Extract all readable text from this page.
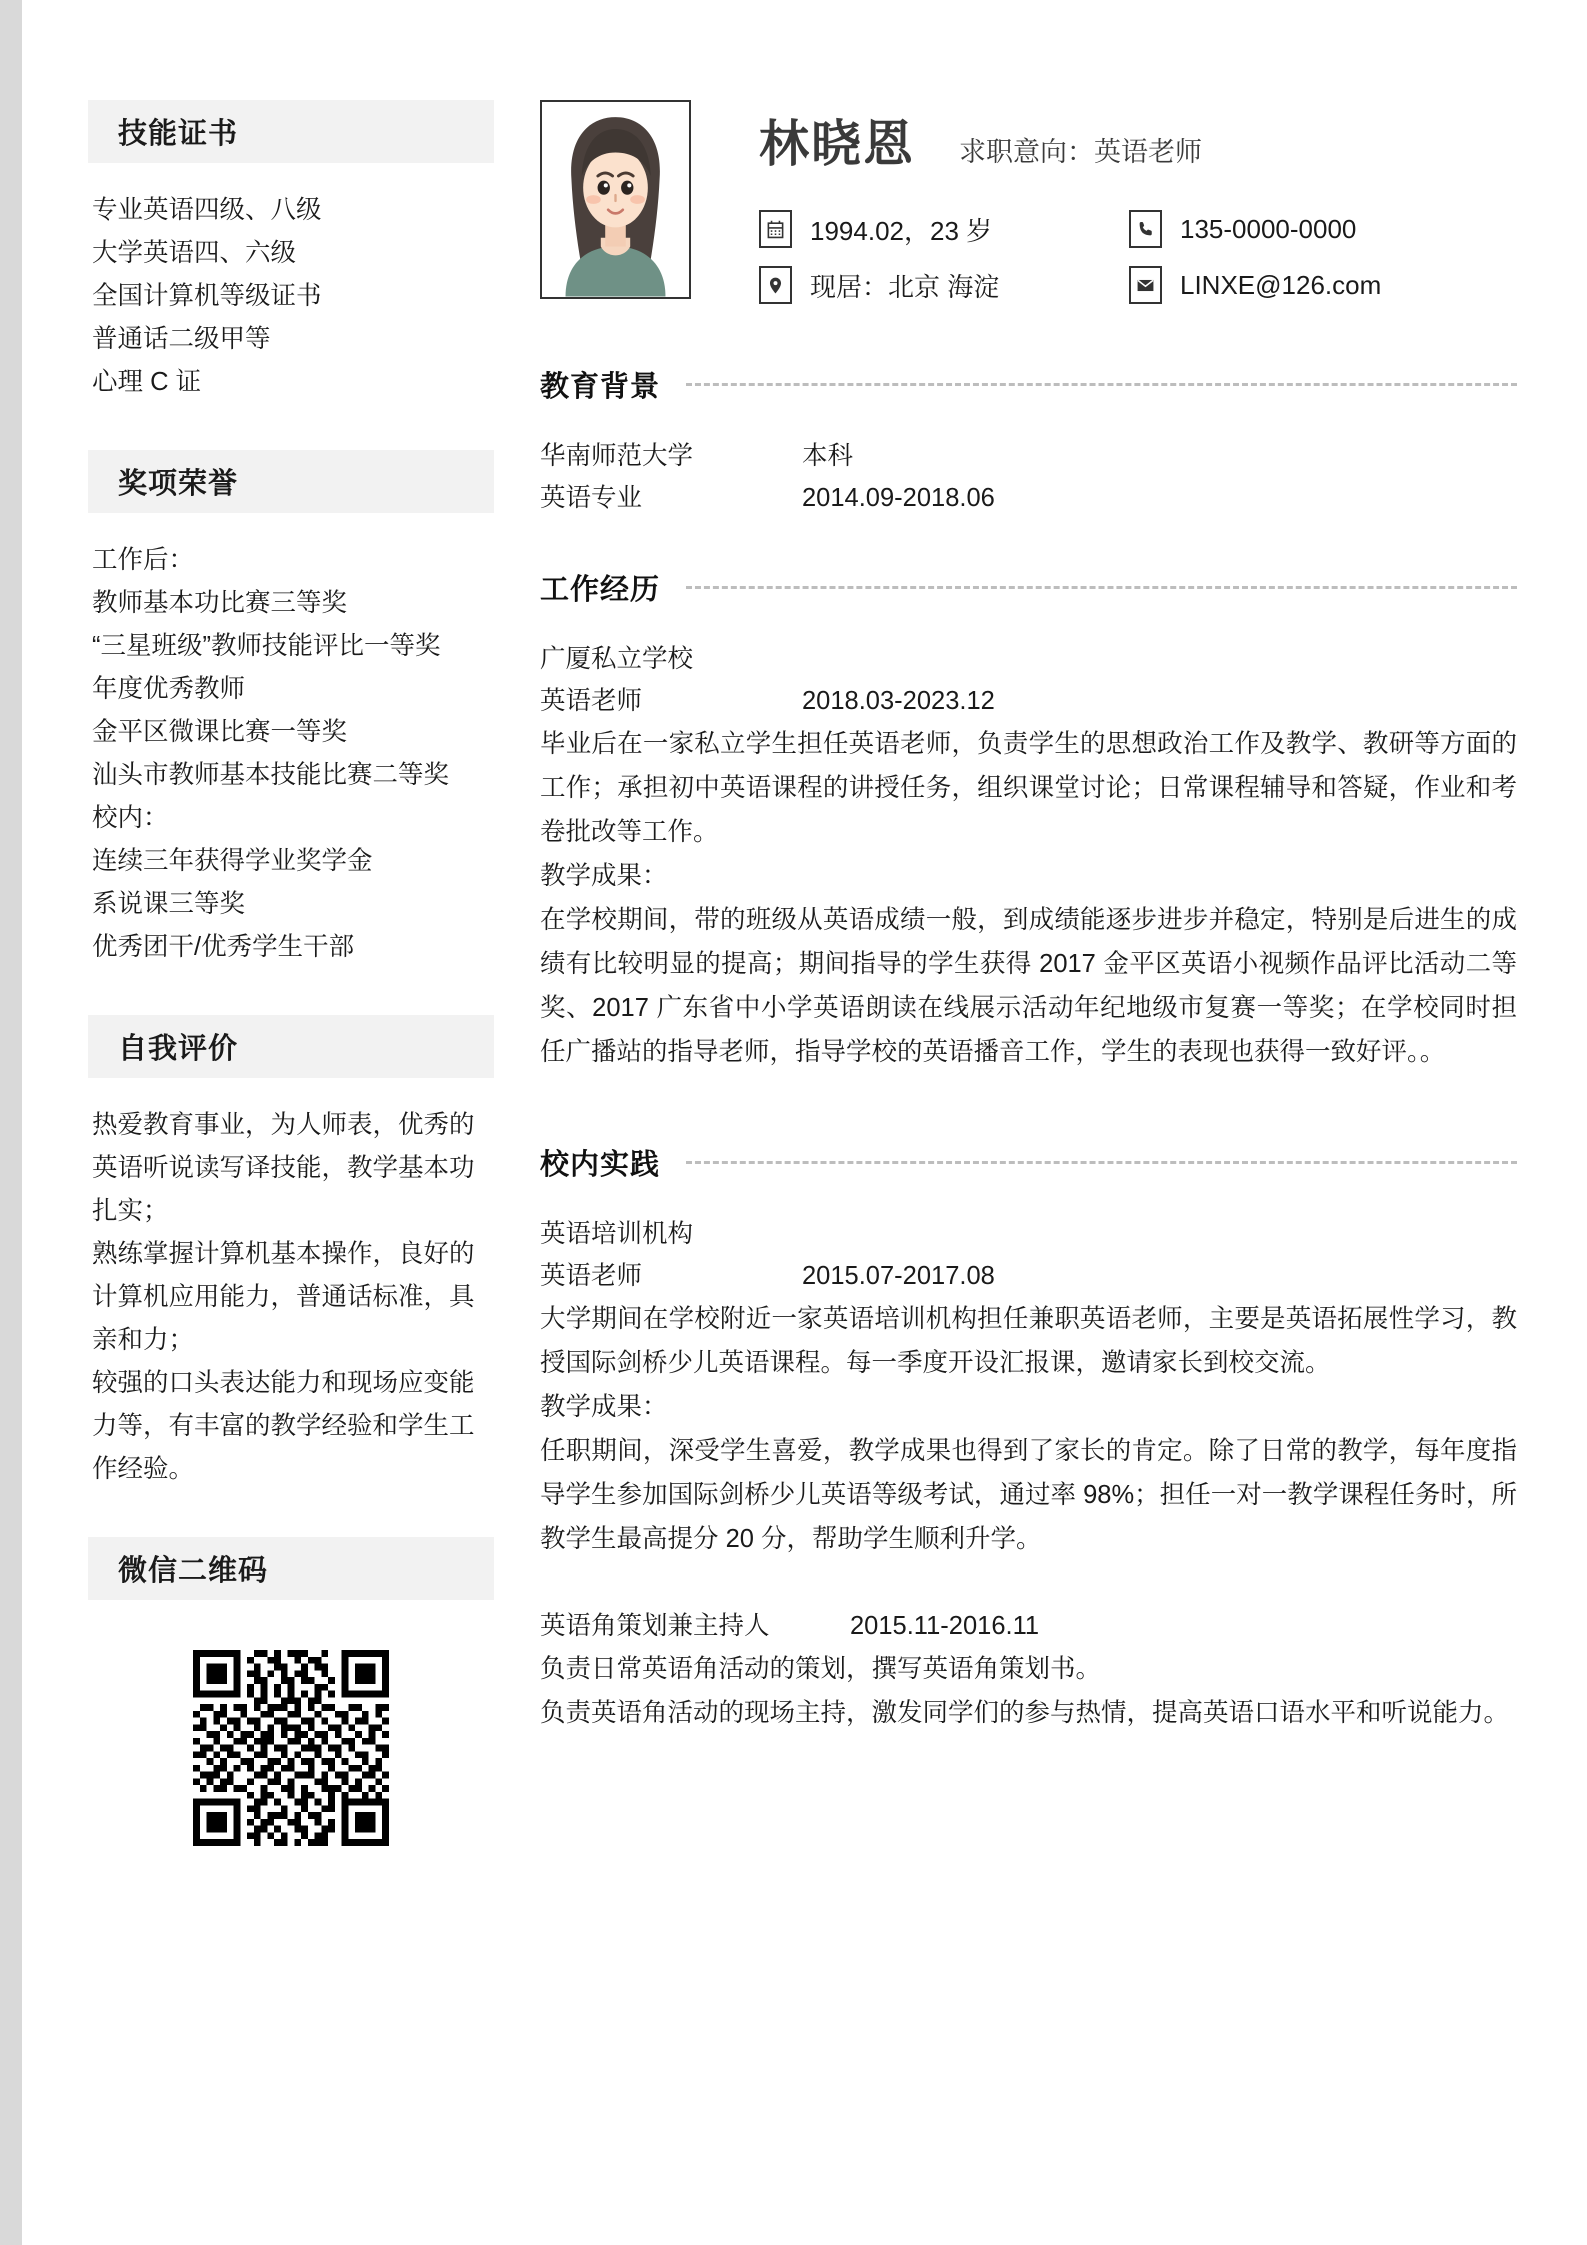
技能证书
专业英语四级、八级
大学英语四、六级
全国计算机等级证书
普通话二级甲等
心理 C 证
奖项荣誉
工作后：
教师基本功比赛三等奖
“三星班级”教师技能评比一等奖
年度优秀教师
金平区微课比赛一等奖
汕头市教师基本技能比赛二等奖
校内：
连续三年获得学业奖学金
系说课三等奖
优秀团干/优秀学生干部
自我评价

热爱教育事业，为人师表，优秀的英语听说读写译技能，教学基本功扎实；

熟练掌握计算机基本操作，良好的计算机应用能力，普通话标准，具亲和力；

较强的口头表达能力和现场应变能力等，有丰富的教学经验和学生工作经验。

微信二维码
林晓恩 求职意向：英语老师
1994.02，23 岁	135-0000-0000
现居：北京 海淀	LINXE@126.com
教育背景
华南师范大学	本科
英语专业	2014.09-2018.06
工作经历
广厦私立学校
英语老师	2018.03-2023.12

毕业后在一家私立学生担任英语老师，负责学生的思想政治工作及教学、教研等方面的工作；承担初中英语课程的讲授任务，组织课堂讨论；日常课程辅导和答疑，作业和考卷批改等工作。

教学成果：

在学校期间，带的班级从英语成绩一般，到成绩能逐步进步并稳定，特别是后进生的成绩有比较明显的提高；期间指导的学生获得 2017 金平区英语小视频作品评比活动二等奖、2017 广东省中小学英语朗读在线展示活动年纪地级市复赛一等奖；在学校同时担任广播站的指导老师，指导学校的英语播音工作，学生的表现也获得一致好评。。

校内实践
英语培训机构
英语老师	2015.07-2017.08

大学期间在学校附近一家英语培训机构担任兼职英语老师，主要是英语拓展性学习，教授国际剑桥少儿英语课程。每一季度开设汇报课，邀请家长到校交流。

教学成果：

任职期间，深受学生喜爱，教学成果也得到了家长的肯定。除了日常的教学，每年度指导学生参加国际剑桥少儿英语等级考试，通过率 98%；担任一对一教学课程任务时，所教学生最高提分 20 分，帮助学生顺利升学。

英语角策划兼主持人	2015.11-2016.11

负责日常英语角活动的策划，撰写英语角策划书。

负责英语角活动的现场主持，激发同学们的参与热情，提高英语口语水平和听说能力。
